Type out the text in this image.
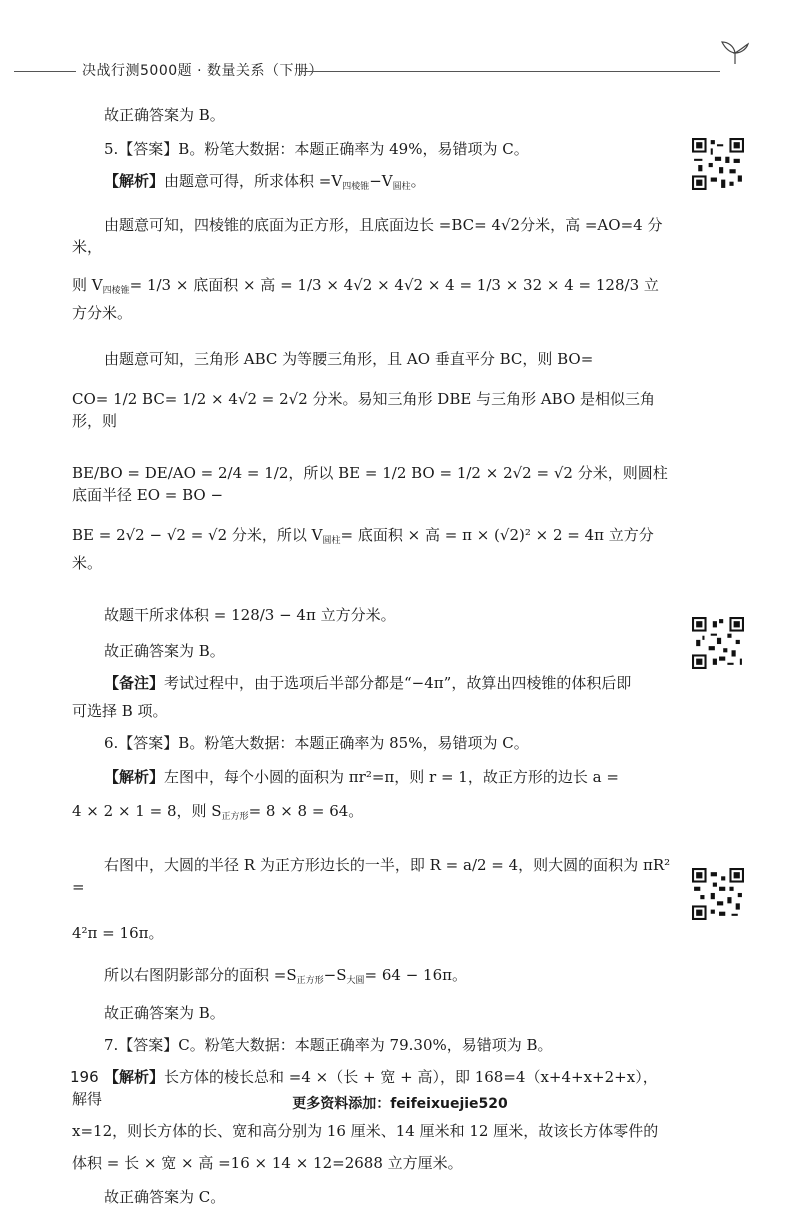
决战行测5000题 · 数量关系（下册）

故正确答案为 B。

5.【答案】B。粉笔大数据：本题正确率为 49%，易错项为 C。

【解析】由题意可得，所求体积 $=V_{四棱锥}-V_{圆柱}$。

由题意可知，四棱锥的底面为正方形，且底面边长 =BC= 4√2分米，高 =AO=4 分米，

则 $V_{四棱锥}= 1/3$ × 底面积 × 高 = 1/3 × 4√2 × 4√2 × 4 = 1/3 × 32 × 4 = 128/3 立方分米。

由题意可知，三角形 ABC 为等腰三角形，且 AO 垂直平分 BC，则 BO=

CO= 1/2 BC= 1/2 × 4√2 = 2√2 分米。易知三角形 DBE 与三角形 ABO 是相似三角形，则

BE/BO = DE/AO = 2/4 = 1/2，所以 BE = 1/2 BO = 1/2 × 2√2 = √2 分米，则圆柱底面半径 EO = BO −

BE = 2√2 − √2 = √2 分米，所以 $V_{圆柱}=$ 底面积 × 高 = π × (√2)² × 2 = 4π 立方分米。

故题干所求体积 = 128/3 − 4π 立方分米。

故正确答案为 B。

【备注】考试过程中，由于选项后半部分都是“−4π”，故算出四棱锥的体积后即

可选择 B 项。

6.【答案】B。粉笔大数据：本题正确率为 85%，易错项为 C。

【解析】左图中，每个小圆的面积为 πr²=π，则 r = 1，故正方形的边长 a =

4 × 2 × 1 = 8，则 $S_{正方形}= 8 \times 8 = 64$。

右图中，大圆的半径 R 为正方形边长的一半，即 R = a/2 = 4，则大圆的面积为 πR² =

4²π = 16π。

所以右图阴影部分的面积 $=S_{正方形}-S_{大圆}= 64 - 16\pi$。

故正确答案为 B。

7.【答案】C。粉笔大数据：本题正确率为 79.30%，易错项为 B。

【解析】长方体的棱长总和 =4 ×（长 + 宽 + 高），即 168=4（x+4+x+2+x），解得

x=12，则长方体的长、宽和高分别为 16 厘米、14 厘米和 12 厘米，故该长方体零件的

体积 = 长 × 宽 × 高 =16 × 14 × 12=2688 立方厘米。

故正确答案为 C。

196
更多资料添加：feifeixuejie520
